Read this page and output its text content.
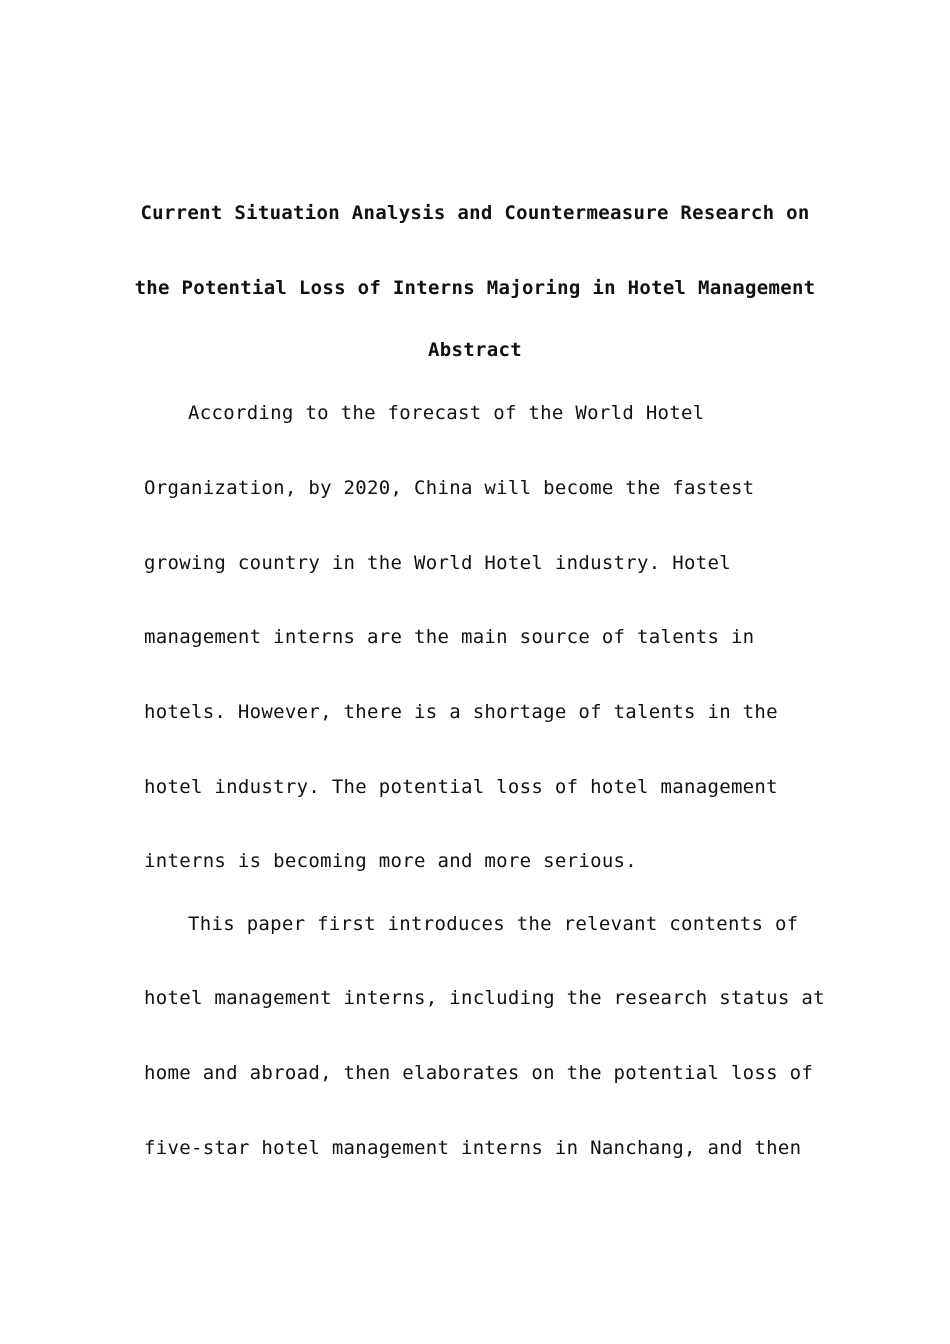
Current Situation Analysis and Countermeasure Research on
the Potential Loss of Interns Majoring in Hotel Management
Abstract
According to the forecast of the World Hotel
Organization, by 2020, China will become the fastest
growing country in the World Hotel industry. Hotel
management interns are the main source of talents in
hotels. However, there is a shortage of talents in the
hotel industry. The potential loss of hotel management
interns is becoming more and more serious.
This paper first introduces the relevant contents of
hotel management interns, including the research status at
home and abroad, then elaborates on the potential loss of
five-star hotel management interns in Nanchang, and then
